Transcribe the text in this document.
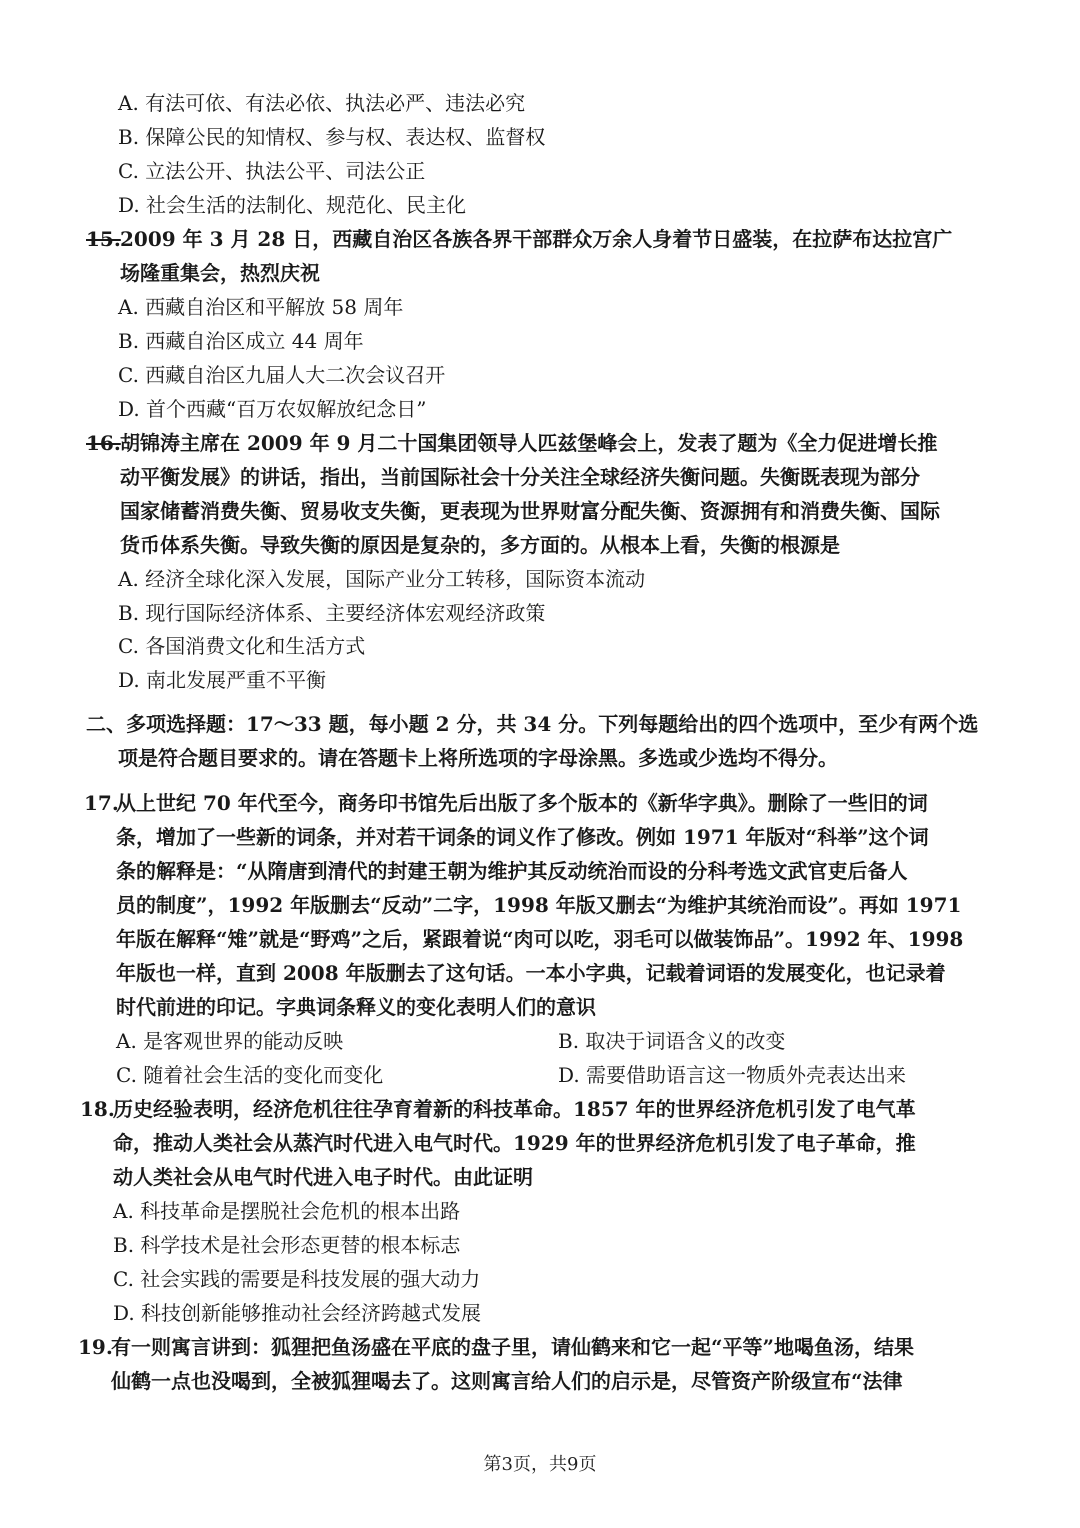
A. 有法可依、有法必依、执法必严、违法必究
B. 保障公民的知情权、参与权、表达权、监督权
C. 立法公开、执法公平、司法公正
D. 社会生活的法制化、规范化、民主化
15. 2009 年 3 月 28 日，西藏自治区各族各界干部群众万余人身着节日盛装，在拉萨布达拉宫广
场隆重集会，热烈庆祝
A. 西藏自治区和平解放 58 周年
B. 西藏自治区成立 44 周年
C. 西藏自治区九届人大二次会议召开
D. 首个西藏“百万农奴解放纪念日”
16. 胡锦涛主席在 2009 年 9 月二十国集团领导人匹兹堡峰会上，发表了题为《全力促进增长推
动平衡发展》的讲话，指出，当前国际社会十分关注全球经济失衡问题。失衡既表现为部分
国家储蓄消费失衡、贸易收支失衡，更表现为世界财富分配失衡、资源拥有和消费失衡、国际
货币体系失衡。导致失衡的原因是复杂的，多方面的。从根本上看，失衡的根源是
A. 经济全球化深入发展，国际产业分工转移，国际资本流动
B. 现行国际经济体系、主要经济体宏观经济政策
C. 各国消费文化和生活方式
D. 南北发展严重不平衡
二、多项选择题：17～33 题，每小题 2 分，共 34 分。下列每题给出的四个选项中，至少有两个选
项是符合题目要求的。请在答题卡上将所选项的字母涂黑。多选或少选均不得分。
17.
从上世纪 70 年代至今，商务印书馆先后出版了多个版本的《新华字典》。删除了一些旧的词
条，增加了一些新的词条，并对若干词条的词义作了修改。例如 1971 年版对“科举”这个词
条的解释是：“从隋唐到清代的封建王朝为维护其反动统治而设的分科考选文武官吏后备人
员的制度”，1992 年版删去“反动”二字，1998 年版又删去“为维护其统治而设”。再如 1971
年版在解释“雉”就是“野鸡”之后，紧跟着说“肉可以吃，羽毛可以做装饰品”。1992 年、1998
年版也一样，直到 2008 年版删去了这句话。一本小字典，记载着词语的发展变化，也记录着
时代前进的印记。字典词条释义的变化表明人们的意识
A. 是客观世界的能动反映	B. 取决于词语含义的改变
C. 随着社会生活的变化而变化	D. 需要借助语言这一物质外壳表达出来
18.
历史经验表明，经济危机往往孕育着新的科技革命。1857 年的世界经济危机引发了电气革
命，推动人类社会从蒸汽时代进入电气时代。1929 年的世界经济危机引发了电子革命，推
动人类社会从电气时代进入电子时代。由此证明
A. 科技革命是摆脱社会危机的根本出路
B. 科学技术是社会形态更替的根本标志
C. 社会实践的需要是科技发展的强大动力
D. 科技创新能够推动社会经济跨越式发展
19.
有一则寓言讲到：狐狸把鱼汤盛在平底的盘子里，请仙鹤来和它一起“平等”地喝鱼汤，结果
仙鹤一点也没喝到，全被狐狸喝去了。这则寓言给人们的启示是，尽管资产阶级宣布“法律
第3页，共9页
